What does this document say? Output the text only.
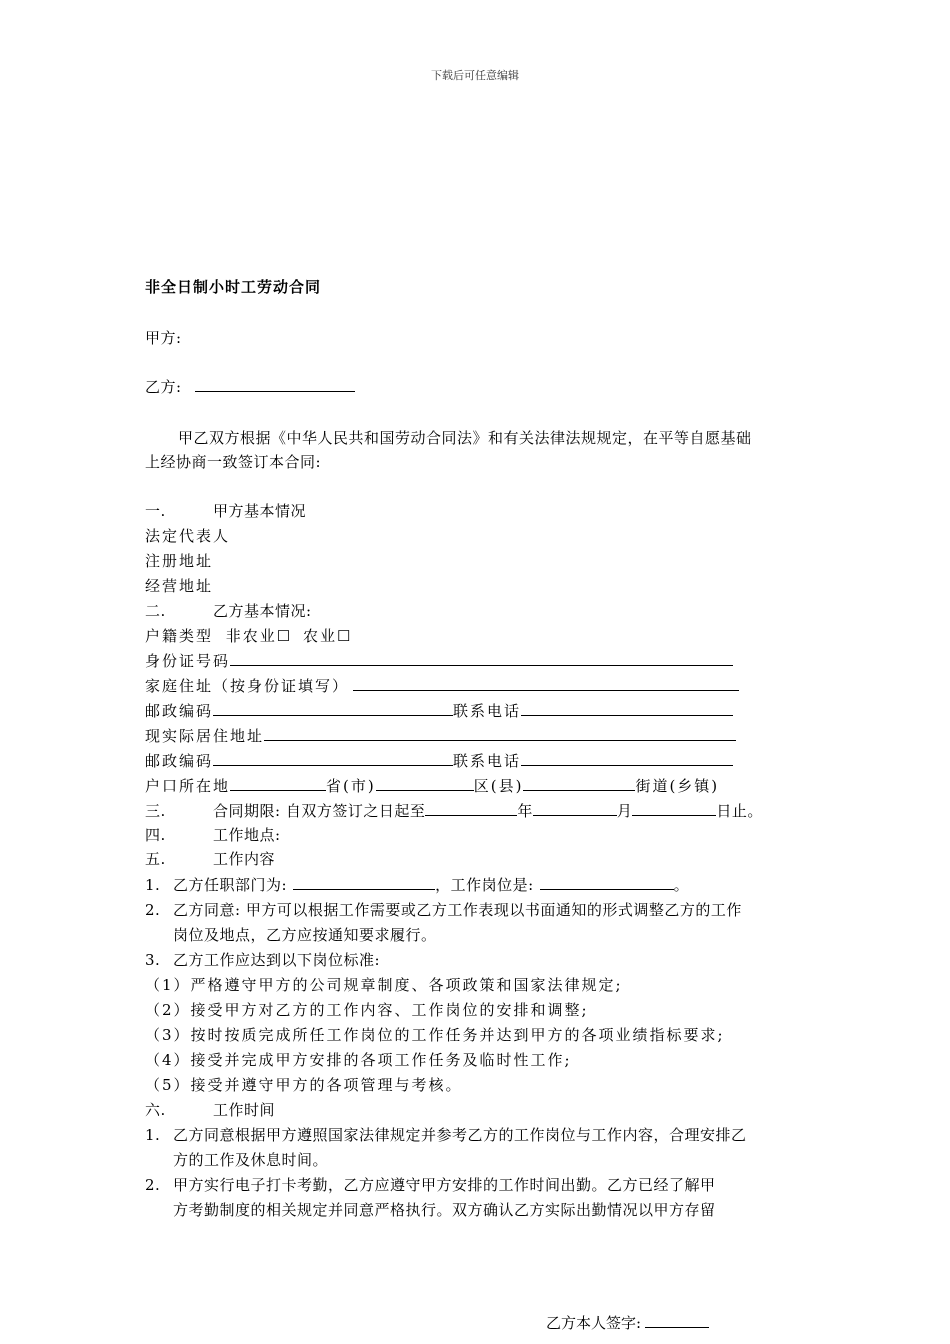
下载后可任意编辑
非全日制小时工劳动合同
甲方:
乙方:
甲乙双方根据《中华人民共和国劳动合同法》和有关法律法规规定，在平等自愿基础
上经协商一致签订本合同:
一.	甲方基本情况
法定代表人
注册地址
经营地址
二.	乙方基本情况:
户籍类型 非农业☐ 农业☐
身份证号码
家庭住址（按身份证填写）
邮政编码	联系电话
现实际居住地址
邮政编码	联系电话
户口所在地	省(市)	区(县)	街道(乡镇)
三.	合同期限: 自双方签订之日起至	年	月	日止。
四.	工作地点:
五.	工作内容
1. 乙方任职部门为:	，工作岗位是:	。
2. 乙方同意: 甲方可以根据工作需要或乙方工作表现以书面通知的形式调整乙方的工作
岗位及地点，乙方应按通知要求履行。
3. 乙方工作应达到以下岗位标准:
（1）严格遵守甲方的公司规章制度、各项政策和国家法律规定;
（2）接受甲方对乙方的工作内容、工作岗位的安排和调整;
（3）按时按质完成所任工作岗位的工作任务并达到甲方的各项业绩指标要求;
（4）接受并完成甲方安排的各项工作任务及临时性工作;
（5）接受并遵守甲方的各项管理与考核。
六.	工作时间
1. 乙方同意根据甲方遵照国家法律规定并参考乙方的工作岗位与工作内容，合理安排乙
方的工作及休息时间。
2. 甲方实行电子打卡考勤，乙方应遵守甲方安排的工作时间出勤。乙方已经了解甲
方考勤制度的相关规定并同意严格执行。双方确认乙方实际出勤情况以甲方存留
乙方本人签字:
